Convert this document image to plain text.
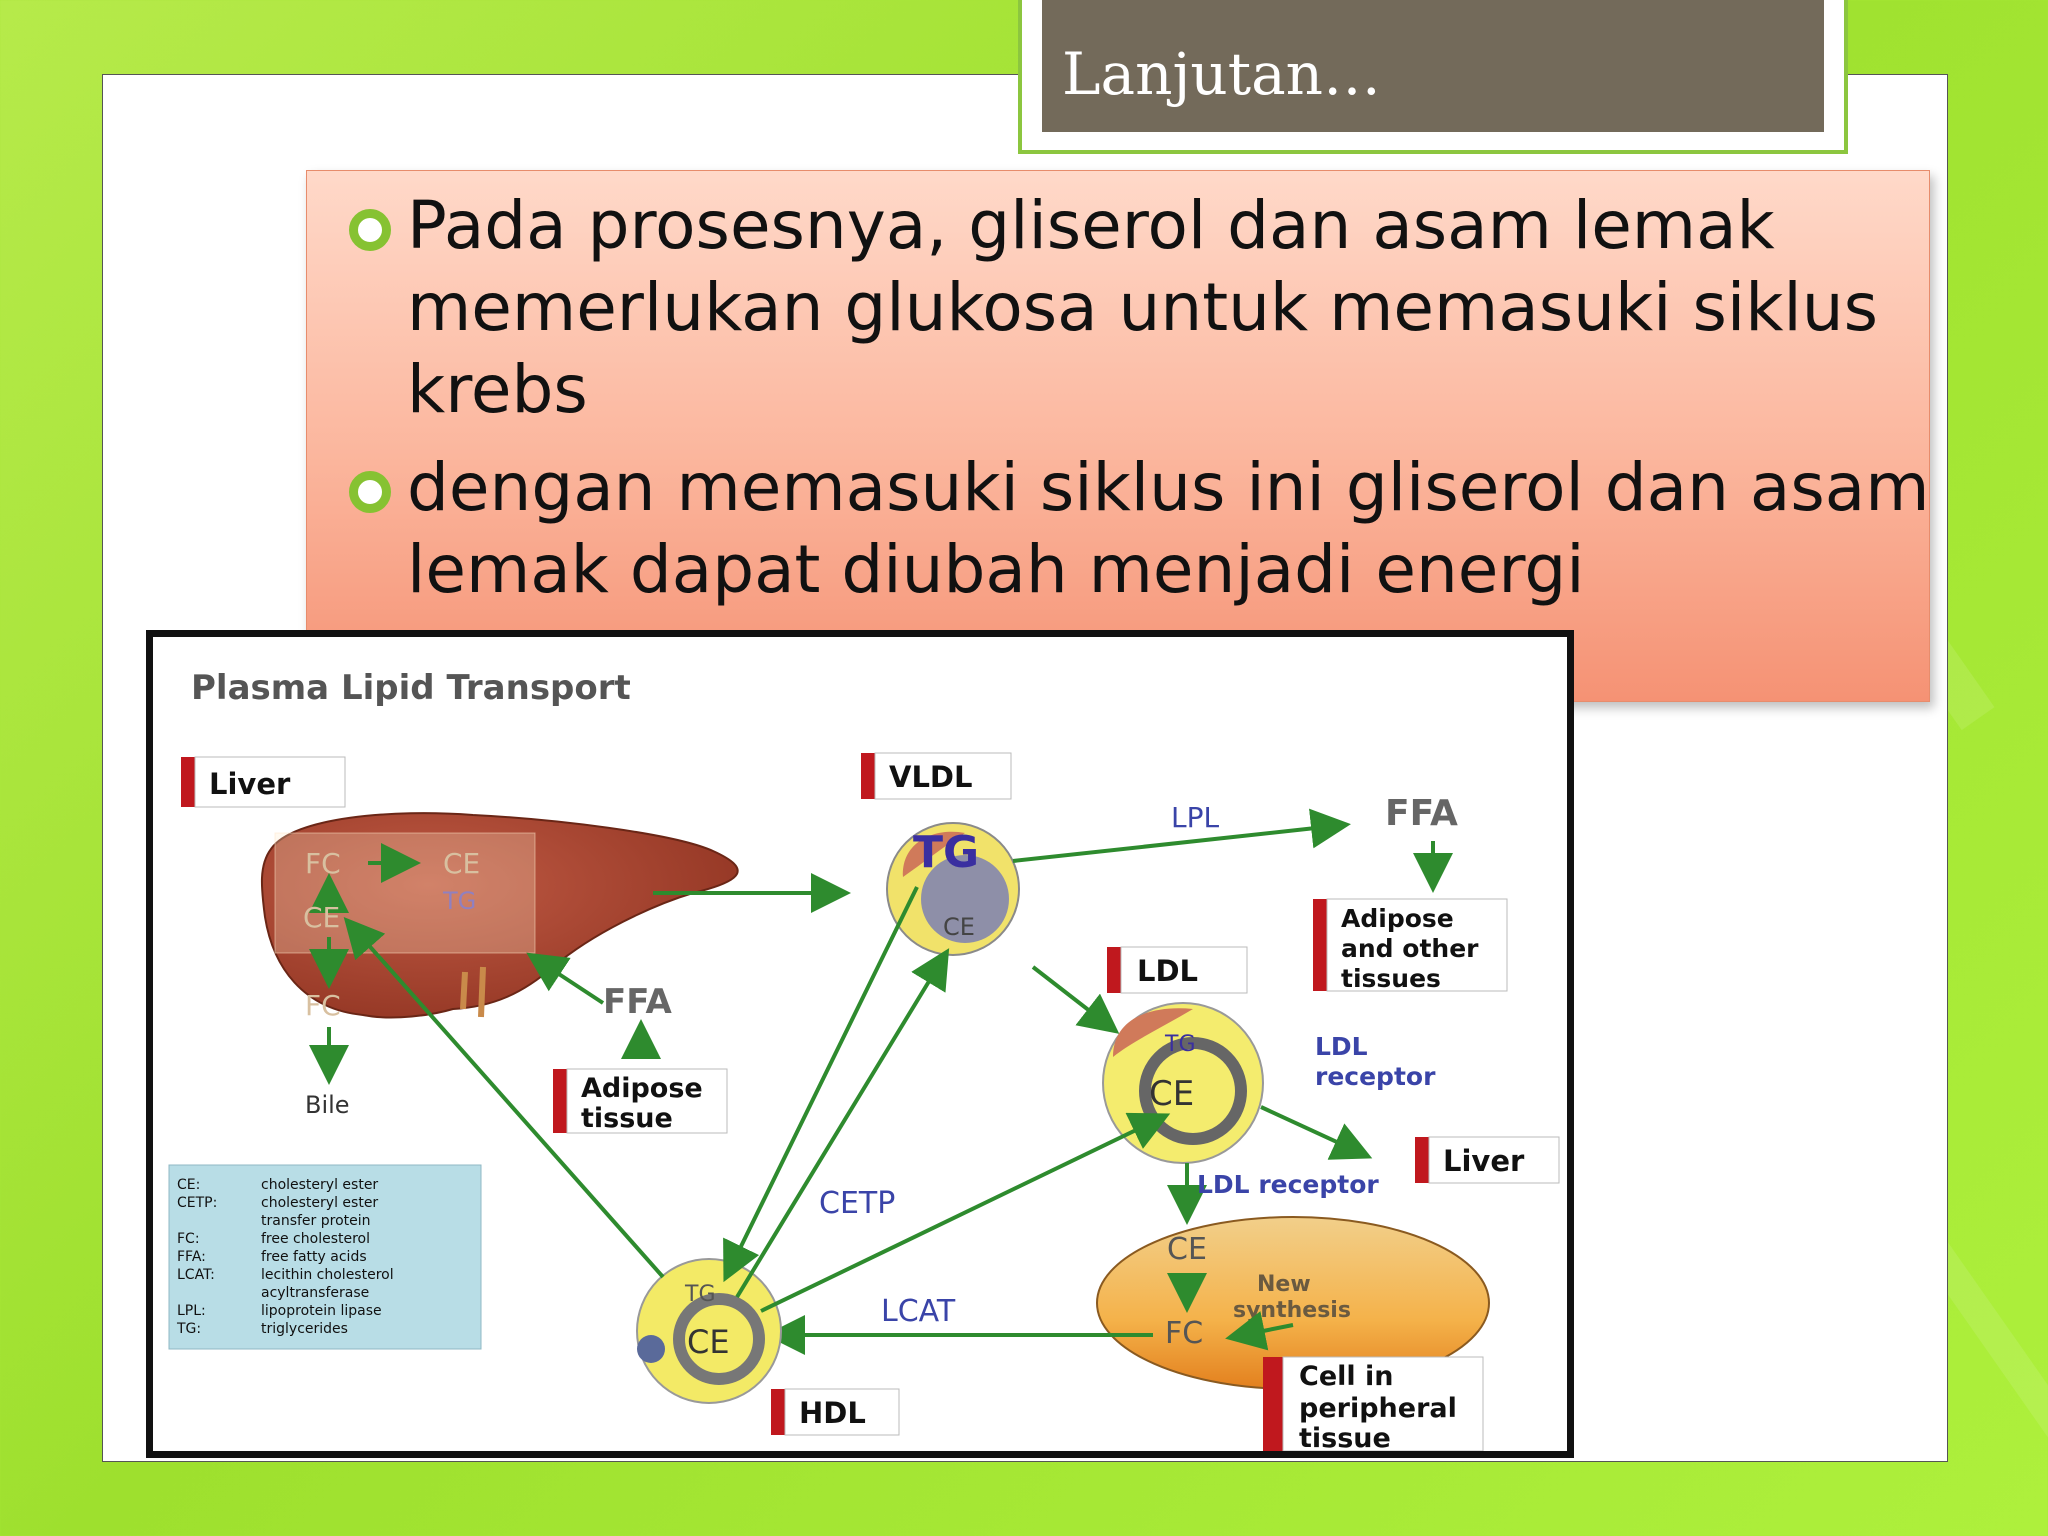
Lanjutan…
Pada prosesnya, gliserol dan asam lemak
memerlukan glukosa untuk memasuki siklus
krebs
dengan memasuki siklus ini gliserol dan asam
lemak dapat diubah menjadi energi
Plasma Lipid Transport
Liver
FC	CE
TG
CE
FC
Bile
FFA
Adipose
tissue
TG
CE
VLDL
LPL	FFA
Adipose
and other
tissues
LDL
TG
CE
LDL
receptor
Liver
LDL receptor
CE
FC
New
synthesis
Cell in
peripheral
tissue
LCAT
TG
CE
HDL
CETP
CE:	cholesteryl ester
CETP:	cholesteryl ester
transfer protein
FC:	free cholesterol
FFA:	free fatty acids
LCAT:	lecithin cholesterol
acyltransferase
LPL:	lipoprotein lipase
TG:	triglycerides
